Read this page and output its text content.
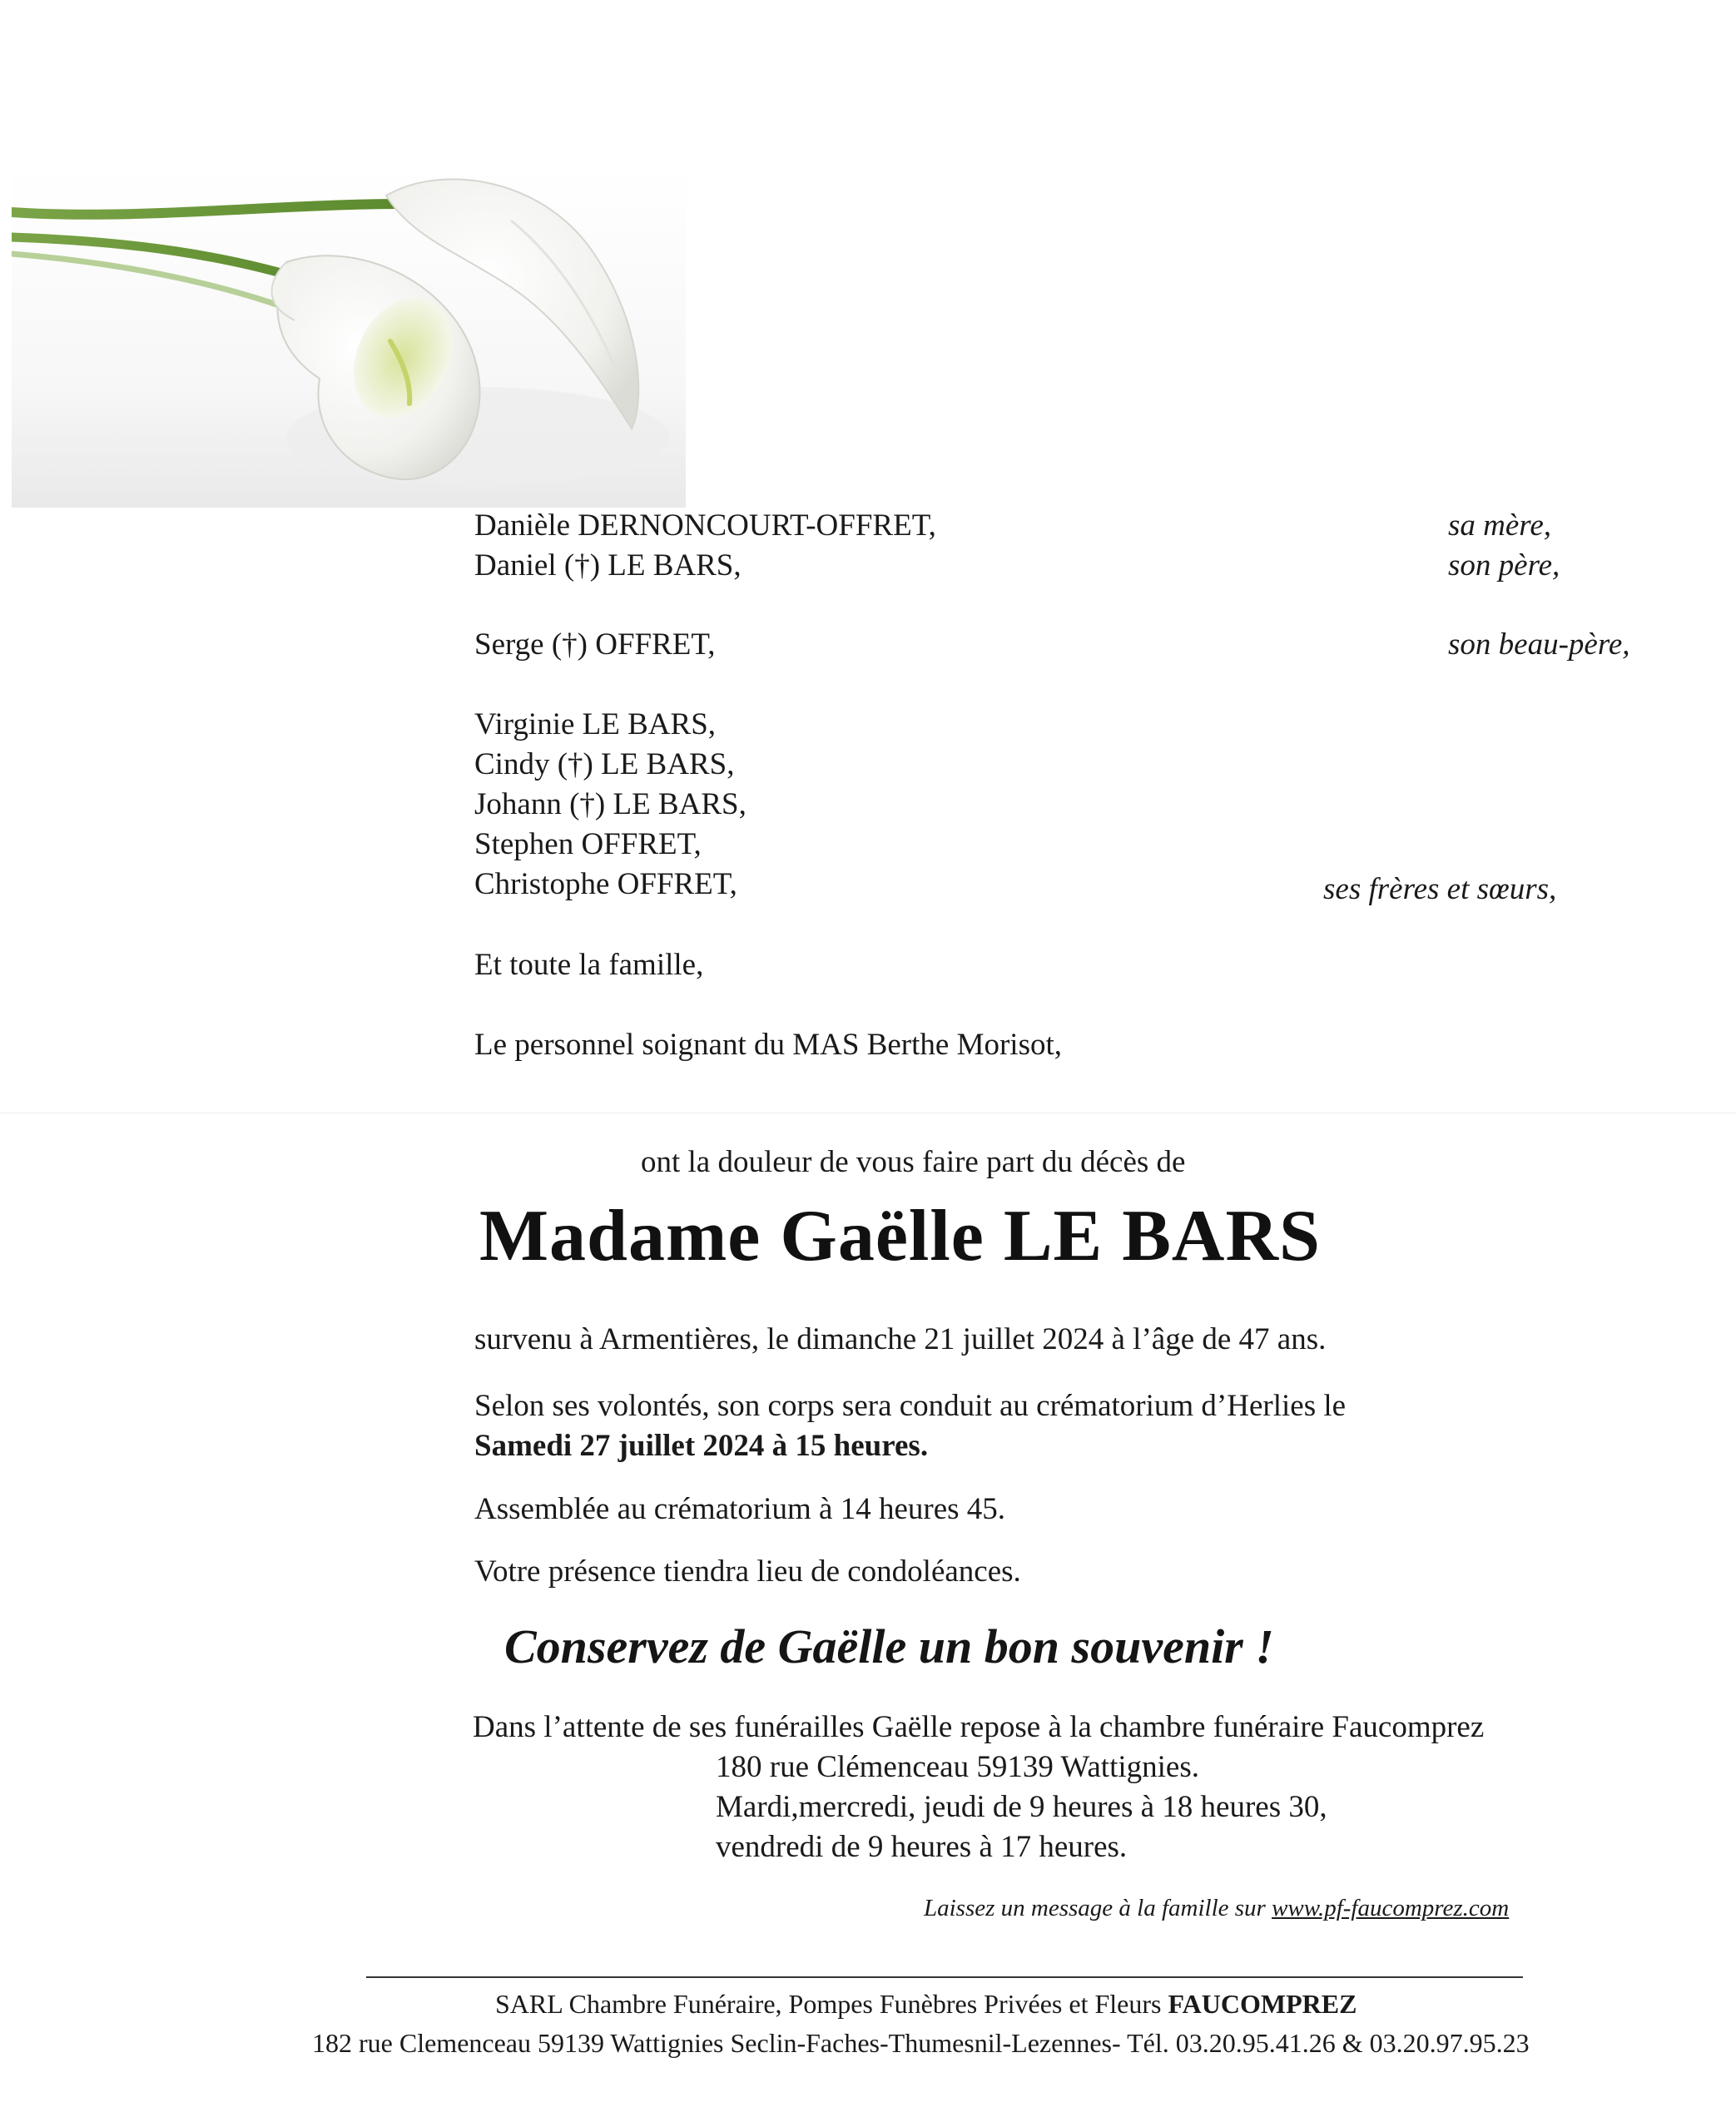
Danièle DERNONCOURT-OFFRET,	sa mère,
Daniel (†) LE BARS,	son père,
Serge (†) OFFRET,	son beau-père,
Virginie LE BARS,
Cindy (†) LE BARS,
Johann (†) LE BARS,
Stephen OFFRET,
Christophe OFFRET,	ses frères et sœurs,
Et toute la famille,
Le personnel soignant du MAS Berthe Morisot,
ont la douleur de vous faire part du décès de
Madame Gaëlle LE BARS
survenu à Armentières, le dimanche 21 juillet 2024 à l’âge de 47 ans.
Selon ses volontés, son corps sera conduit au crématorium d’Herlies le
Samedi 27 juillet 2024 à 15 heures.
Assemblée au crématorium à 14 heures 45.
Votre présence tiendra lieu de condoléances.
Conservez de Gaëlle un bon souvenir !
Dans l’attente de ses funérailles Gaëlle repose à la chambre funéraire Faucomprez
180 rue Clémenceau 59139 Wattignies.
Mardi,mercredi, jeudi de 9 heures à 18 heures 30,
vendredi de 9 heures à 17 heures.
Laissez un message à la famille sur www.pf-faucomprez.com
SARL Chambre Funéraire, Pompes Funèbres Privées et Fleurs FAUCOMPREZ
182 rue Clemenceau 59139 Wattignies Seclin-Faches-Thumesnil-Lezennes- Tél. 03.20.95.41.26 & 03.20.97.95.23
